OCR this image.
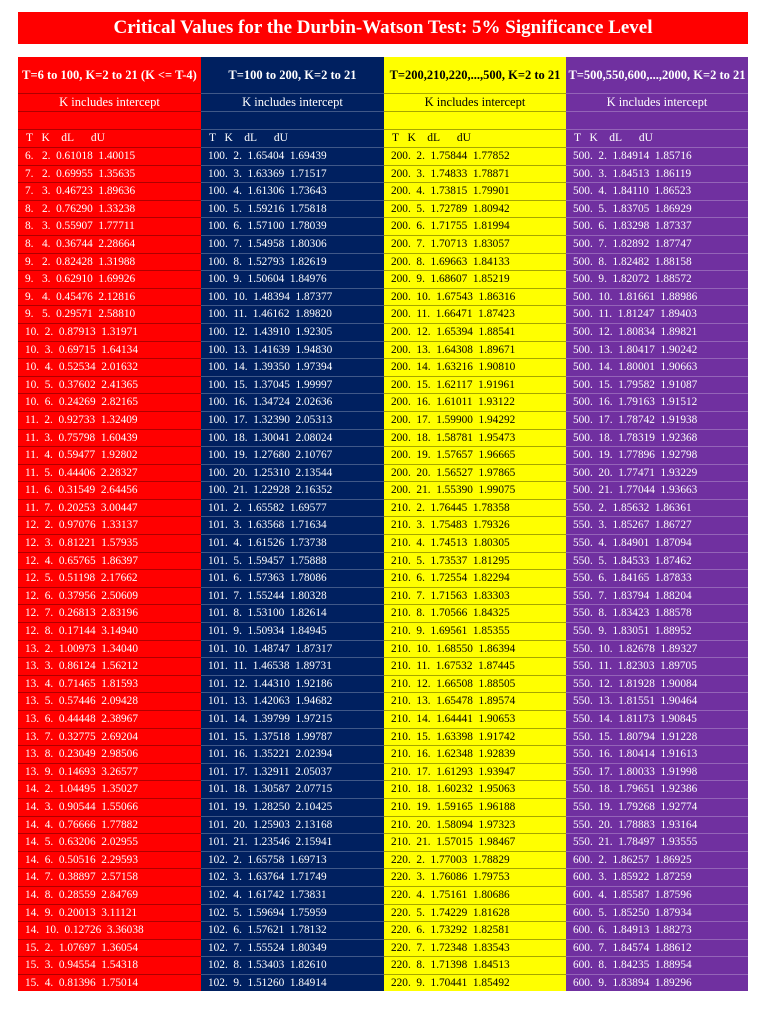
Critical Values for the Durbin-Watson Test: 5% Significance Level
T=6 to 100, K=2 to 21 (K <= T-4)
K includes intercept
T   K    dL      dU
6.   2.  0.61018  1.40015
7.   2.  0.69955  1.35635
7.   3.  0.46723  1.89636
8.   2.  0.76290  1.33238
8.   3.  0.55907  1.77711
8.   4.  0.36744  2.28664
9.   2.  0.82428  1.31988
9.   3.  0.62910  1.69926
9.   4.  0.45476  2.12816
9.   5.  0.29571  2.58810
10.  2.  0.87913  1.31971
10.  3.  0.69715  1.64134
10.  4.  0.52534  2.01632
10.  5.  0.37602  2.41365
10.  6.  0.24269  2.82165
11.  2.  0.92733  1.32409
11.  3.  0.75798  1.60439
11.  4.  0.59477  1.92802
11.  5.  0.44406  2.28327
11.  6.  0.31549  2.64456
11.  7.  0.20253  3.00447
12.  2.  0.97076  1.33137
12.  3.  0.81221  1.57935
12.  4.  0.65765  1.86397
12.  5.  0.51198  2.17662
12.  6.  0.37956  2.50609
12.  7.  0.26813  2.83196
12.  8.  0.17144  3.14940
13.  2.  1.00973  1.34040
13.  3.  0.86124  1.56212
13.  4.  0.71465  1.81593
13.  5.  0.57446  2.09428
13.  6.  0.44448  2.38967
13.  7.  0.32775  2.69204
13.  8.  0.23049  2.98506
13.  9.  0.14693  3.26577
14.  2.  1.04495  1.35027
14.  3.  0.90544  1.55066
14.  4.  0.76666  1.77882
14.  5.  0.63206  2.02955
14.  6.  0.50516  2.29593
14.  7.  0.38897  2.57158
14.  8.  0.28559  2.84769
14.  9.  0.20013  3.11121
14.  10.  0.12726  3.36038
15.  2.  1.07697  1.36054
15.  3.  0.94554  1.54318
15.  4.  0.81396  1.75014
T=100 to 200, K=2 to 21
K includes intercept
T   K    dL      dU
100.  2.  1.65404  1.69439
100.  3.  1.63369  1.71517
100.  4.  1.61306  1.73643
100.  5.  1.59216  1.75818
100.  6.  1.57100  1.78039
100.  7.  1.54958  1.80306
100.  8.  1.52793  1.82619
100.  9.  1.50604  1.84976
100.  10.  1.48394  1.87377
100.  11.  1.46162  1.89820
100.  12.  1.43910  1.92305
100.  13.  1.41639  1.94830
100.  14.  1.39350  1.97394
100.  15.  1.37045  1.99997
100.  16.  1.34724  2.02636
100.  17.  1.32390  2.05313
100.  18.  1.30041  2.08024
100.  19.  1.27680  2.10767
100.  20.  1.25310  2.13544
100.  21.  1.22928  2.16352
101.  2.  1.65582  1.69577
101.  3.  1.63568  1.71634
101.  4.  1.61526  1.73738
101.  5.  1.59457  1.75888
101.  6.  1.57363  1.78086
101.  7.  1.55244  1.80328
101.  8.  1.53100  1.82614
101.  9.  1.50934  1.84945
101.  10.  1.48747  1.87317
101.  11.  1.46538  1.89731
101.  12.  1.44310  1.92186
101.  13.  1.42063  1.94682
101.  14.  1.39799  1.97215
101.  15.  1.37518  1.99787
101.  16.  1.35221  2.02394
101.  17.  1.32911  2.05037
101.  18.  1.30587  2.07715
101.  19.  1.28250  2.10425
101.  20.  1.25903  2.13168
101.  21.  1.23546  2.15941
102.  2.  1.65758  1.69713
102.  3.  1.63764  1.71749
102.  4.  1.61742  1.73831
102.  5.  1.59694  1.75959
102.  6.  1.57621  1.78132
102.  7.  1.55524  1.80349
102.  8.  1.53403  1.82610
102.  9.  1.51260  1.84914
T=200,210,220,...,500, K=2 to 21
K includes intercept
T   K    dL      dU
200.  2.  1.75844  1.77852
200.  3.  1.74833  1.78871
200.  4.  1.73815  1.79901
200.  5.  1.72789  1.80942
200.  6.  1.71755  1.81994
200.  7.  1.70713  1.83057
200.  8.  1.69663  1.84133
200.  9.  1.68607  1.85219
200.  10.  1.67543  1.86316
200.  11.  1.66471  1.87423
200.  12.  1.65394  1.88541
200.  13.  1.64308  1.89671
200.  14.  1.63216  1.90810
200.  15.  1.62117  1.91961
200.  16.  1.61011  1.93122
200.  17.  1.59900  1.94292
200.  18.  1.58781  1.95473
200.  19.  1.57657  1.96665
200.  20.  1.56527  1.97865
200.  21.  1.55390  1.99075
210.  2.  1.76445  1.78358
210.  3.  1.75483  1.79326
210.  4.  1.74513  1.80305
210.  5.  1.73537  1.81295
210.  6.  1.72554  1.82294
210.  7.  1.71563  1.83303
210.  8.  1.70566  1.84325
210.  9.  1.69561  1.85355
210.  10.  1.68550  1.86394
210.  11.  1.67532  1.87445
210.  12.  1.66508  1.88505
210.  13.  1.65478  1.89574
210.  14.  1.64441  1.90653
210.  15.  1.63398  1.91742
210.  16.  1.62348  1.92839
210.  17.  1.61293  1.93947
210.  18.  1.60232  1.95063
210.  19.  1.59165  1.96188
210.  20.  1.58094  1.97323
210.  21.  1.57015  1.98467
220.  2.  1.77003  1.78829
220.  3.  1.76086  1.79753
220.  4.  1.75161  1.80686
220.  5.  1.74229  1.81628
220.  6.  1.73292  1.82581
220.  7.  1.72348  1.83543
220.  8.  1.71398  1.84513
220.  9.  1.70441  1.85492
T=500,550,600,...,2000, K=2 to 21
K includes intercept
T   K    dL      dU
500.  2.  1.84914  1.85716
500.  3.  1.84513  1.86119
500.  4.  1.84110  1.86523
500.  5.  1.83705  1.86929
500.  6.  1.83298  1.87337
500.  7.  1.82892  1.87747
500.  8.  1.82482  1.88158
500.  9.  1.82072  1.88572
500.  10.  1.81661  1.88986
500.  11.  1.81247  1.89403
500.  12.  1.80834  1.89821
500.  13.  1.80417  1.90242
500.  14.  1.80001  1.90663
500.  15.  1.79582  1.91087
500.  16.  1.79163  1.91512
500.  17.  1.78742  1.91938
500.  18.  1.78319  1.92368
500.  19.  1.77896  1.92798
500.  20.  1.77471  1.93229
500.  21.  1.77044  1.93663
550.  2.  1.85632  1.86361
550.  3.  1.85267  1.86727
550.  4.  1.84901  1.87094
550.  5.  1.84533  1.87462
550.  6.  1.84165  1.87833
550.  7.  1.83794  1.88204
550.  8.  1.83423  1.88578
550.  9.  1.83051  1.88952
550.  10.  1.82678  1.89327
550.  11.  1.82303  1.89705
550.  12.  1.81928  1.90084
550.  13.  1.81551  1.90464
550.  14.  1.81173  1.90845
550.  15.  1.80794  1.91228
550.  16.  1.80414  1.91613
550.  17.  1.80033  1.91998
550.  18.  1.79651  1.92386
550.  19.  1.79268  1.92774
550.  20.  1.78883  1.93164
550.  21.  1.78497  1.93555
600.  2.  1.86257  1.86925
600.  3.  1.85922  1.87259
600.  4.  1.85587  1.87596
600.  5.  1.85250  1.87934
600.  6.  1.84913  1.88273
600.  7.  1.84574  1.88612
600.  8.  1.84235  1.88954
600.  9.  1.83894  1.89296
